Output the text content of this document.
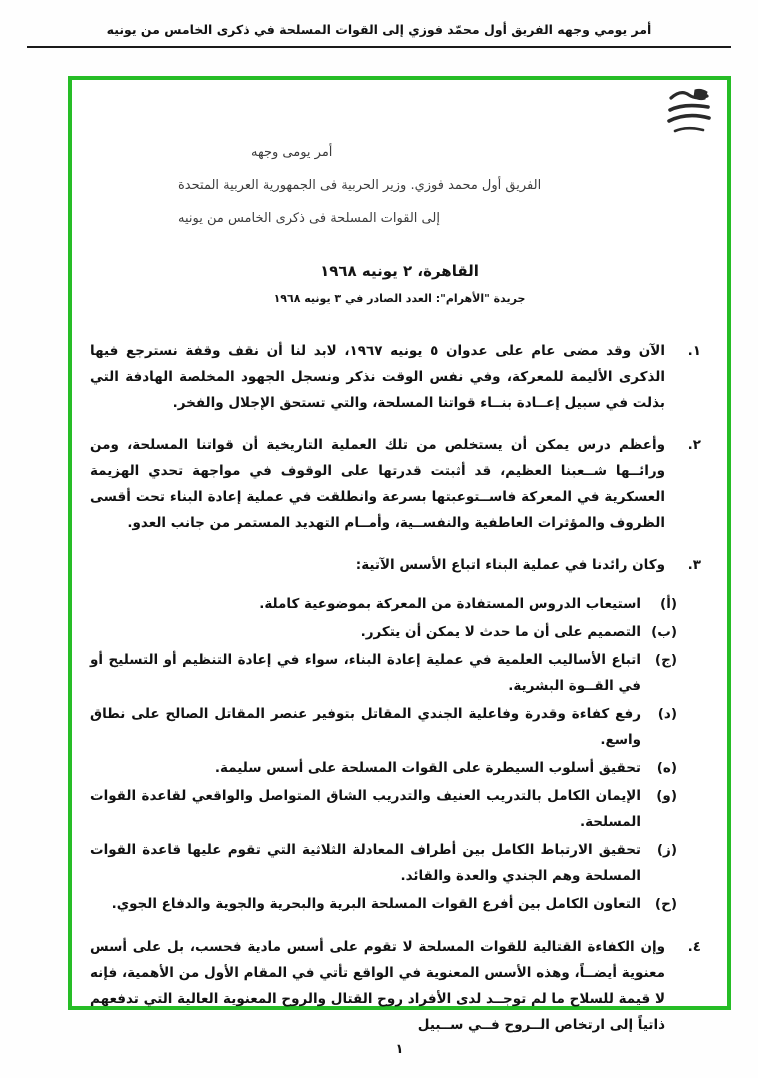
أمر يومي وجهه الفريق أول محمّد فوزي إلى القوات المسلحة في ذكرى الخامس من يونيه
أمر يومى وجهه
الفريق أول محمد فوزي. وزير الحربية فى الجمهورية العربية المتحدة
إلى القوات المسلحة فى ذكرى الخامس من يونيه
القاهرة، ٢ يونيه ١٩٦٨
جريدة "الأهرام": العدد الصادر في ٣ يونيه ١٩٦٨
١.
الآن وقد مضى عام على عدوان ٥ يونيه ١٩٦٧، لابد لنا أن نقف وقفة نسترجع فيها الذكرى الأليمة للمعركة، وفي نفس الوقت نذكر ونسجل الجهود المخلصة الهادفة التي بذلت في سبيل إعــادة بنــاء قواتنا المسلحة، والتي تستحق الإجلال والفخر.
٢.
وأعظم درس يمكن أن يستخلص من تلك العملية التاريخية أن قواتنا المسلحة، ومن ورائــها شــعبنا العظيم، قد أثبتت قدرتها على الوقوف في مواجهة تحدي الهزيمة العسكرية في المعركة فاســتوعبتها بسرعة وانطلقت في عملية إعادة البناء تحت أقسى الظروف والمؤثرات العاطفية والنفســية، وأمــام التهديد المستمر من جانب العدو.
٣.
وكان رائدنا في عملية البناء اتباع الأسس الآتية:
(أ)
استيعاب الدروس المستفادة من المعركة بموضوعية كاملة.
(ب)
التصميم على أن ما حدث لا يمكن أن يتكرر.
(ج)
اتباع الأساليب العلمية في عملية إعادة البناء، سواء في إعادة التنظيم أو التسليح أو في القــوة البشرية.
(د)
رفع كفاءة وقدرة وفاعلية الجندي المقاتل بتوفير عنصر المقاتل الصالح على نطاق واسع.
(ه)
تحقيق أسلوب السيطرة على القوات المسلحة على أسس سليمة.
(و)
الإيمان الكامل بالتدريب العنيف والتدريب الشاق المتواصل والواقعي لقاعدة القوات المسلحة.
(ز)
تحقيق الارتباط الكامل بين أطراف المعادلة الثلاثية التي تقوم عليها قاعدة القوات المسلحة وهم الجندي والعدة والقائد.
(ح)
التعاون الكامل بين أفرع القوات المسلحة البرية والبحرية والجوية والدفاع الجوي.
٤.
وإن الكفاءة القتالية للقوات المسلحة لا تقوم على أسس مادية فحسب، بل على أسس معنوية أيضــاً، وهذه الأسس المعنوية في الواقع تأتي في المقام الأول من الأهمية، فإنه لا قيمة للسلاح ما لم توجــد لدى الأفراد روح القتال والروح المعنوية العالية التي تدفعهم ذاتياً إلى ارتخاص الــروح فــي ســبيل
١
